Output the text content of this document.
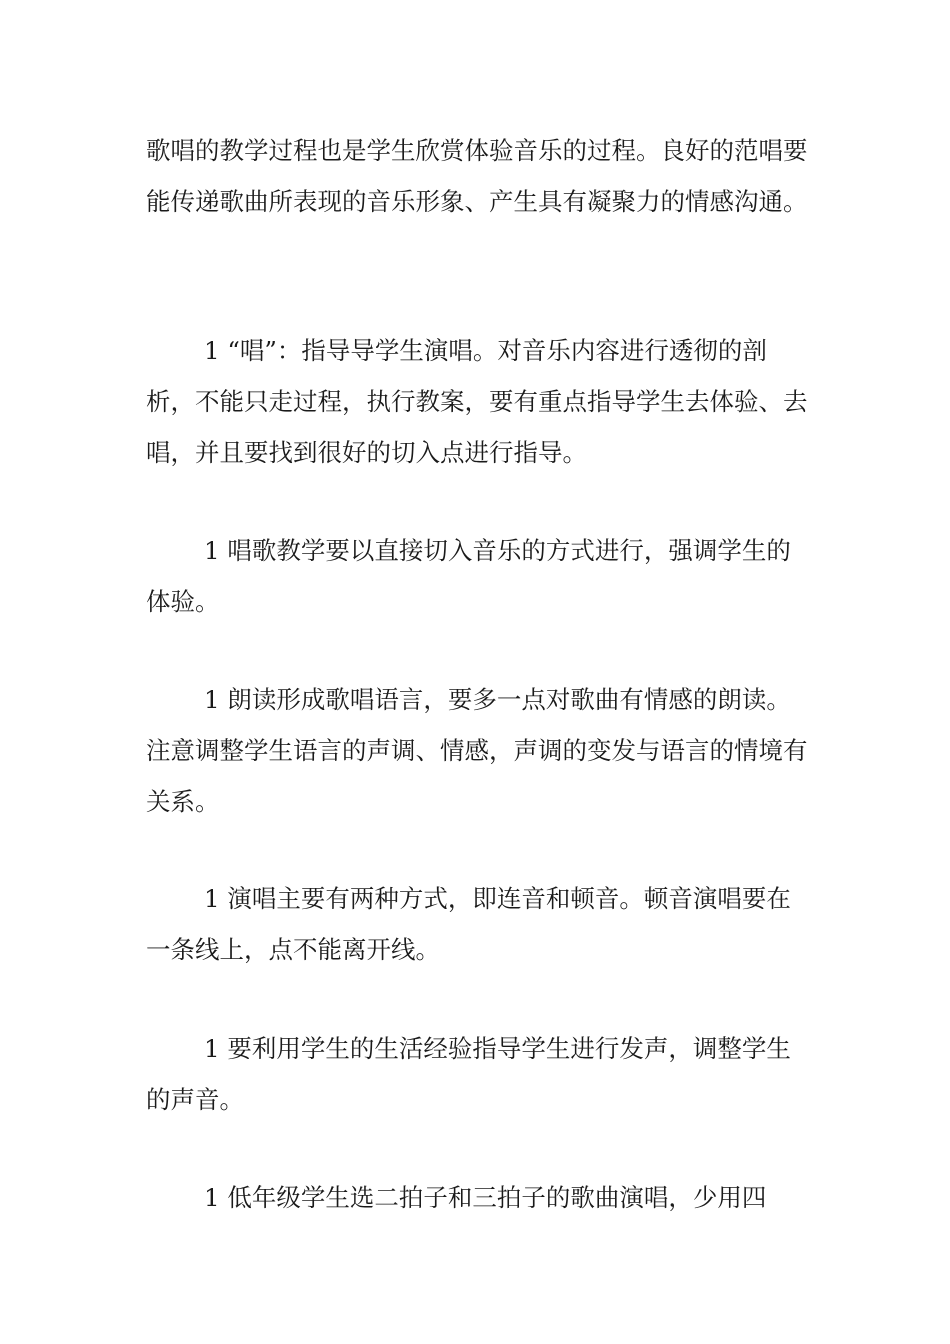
歌唱的教学过程也是学生欣赏体验音乐的过程。良好的范唱要能传递歌曲所表现的音乐形象、产生具有凝聚力的情感沟通。

1 “唱”：指导导学生演唱。对音乐内容进行透彻的剖析，不能只走过程，执行教案，要有重点指导学生去体验、去唱，并且要找到很好的切入点进行指导。

1 唱歌教学要以直接切入音乐的方式进行，强调学生的体验。

1 朗读形成歌唱语言，要多一点对歌曲有情感的朗读。注意调整学生语言的声调、情感，声调的变发与语言的情境有关系。

1 演唱主要有两种方式，即连音和顿音。顿音演唱要在一条线上，点不能离开线。

1 要利用学生的生活经验指导学生进行发声，调整学生的声音。

1 低年级学生选二拍子和三拍子的歌曲演唱，少用四
